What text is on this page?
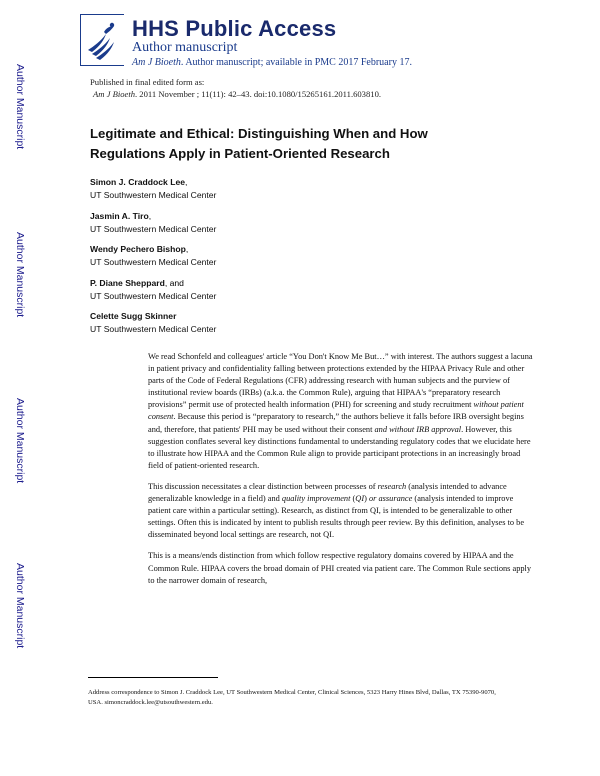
Author Manuscript
Author Manuscript
Author Manuscript
Author Manuscript
HHS Public Access
Author manuscript
Am J Bioeth. Author manuscript; available in PMC 2017 February 17.
Published in final edited form as:
Am J Bioeth. 2011 November ; 11(11): 42–43. doi:10.1080/15265161.2011.603810.
Legitimate and Ethical: Distinguishing When and How Regulations Apply in Patient-Oriented Research
Simon J. Craddock Lee,
UT Southwestern Medical Center
Jasmin A. Tiro,
UT Southwestern Medical Center
Wendy Pechero Bishop,
UT Southwestern Medical Center
P. Diane Sheppard, and
UT Southwestern Medical Center
Celette Sugg Skinner
UT Southwestern Medical Center

We read Schonfeld and colleagues' article “You Don't Know Me But…” with interest. The authors suggest a lacuna in patient privacy and confidentiality falling between protections extended by the HIPAA Privacy Rule and other parts of the Code of Federal Regulations (CFR) addressing research with human subjects and the purview of institutional review boards (IRBs) (a.k.a. the Common Rule), arguing that HIPAA's “preparatory research provisions” permit use of protected health information (PHI) for screening and study recruitment without patient consent. Because this period is “preparatory to research,” the authors believe it falls before IRB oversight begins and, therefore, that patients' PHI may be used without their consent and without IRB approval. However, this suggestion conflates several key distinctions fundamental to understanding regulatory codes that we elucidate here to illustrate how HIPAA and the Common Rule align to provide participant protections in an increasingly broad field of patient-oriented research.

This discussion necessitates a clear distinction between processes of research (analysis intended to advance generalizable knowledge in a field) and quality improvement (QI) or assurance (analysis intended to improve patient care within a particular setting). Research, as distinct from QI, is intended to be generalizable to other settings. Often this is indicated by intent to publish results through peer review. By this definition, analyses to be disseminated beyond local settings are research, not QI.

This is a means/ends distinction from which follow respective regulatory domains covered by HIPAA and the Common Rule. HIPAA covers the broad domain of PHI created via patient care. The Common Rule sections apply to the narrower domain of research,

Address correspondence to Simon J. Craddock Lee, UT Southwestern Medical Center, Clinical Sciences, 5323 Harry Hines Blvd, Dallas, TX 75390-9070, USA. simoncraddock.lee@utsouthwestern.edu.
